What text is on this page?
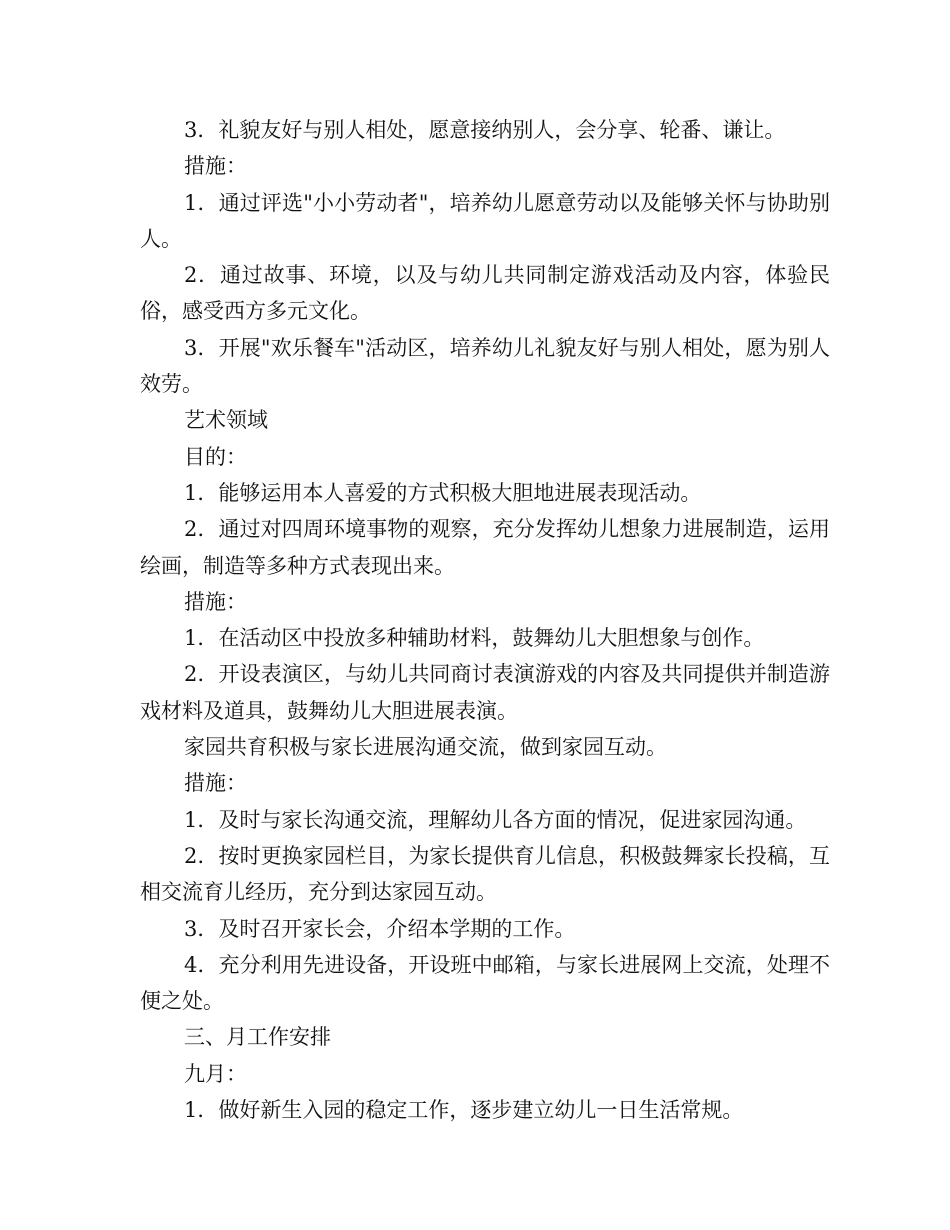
3．礼貌友好与别人相处，愿意接纳别人，会分享、轮番、谦让。

措施：

1．通过评选"小小劳动者"，培养幼儿愿意劳动以及能够关怀与协助别人。

2．通过故事、环境，以及与幼儿共同制定游戏活动及内容，体验民俗，感受西方多元文化。

3．开展"欢乐餐车"活动区，培养幼儿礼貌友好与别人相处，愿为别人效劳。

艺术领域

目的：

1．能够运用本人喜爱的方式积极大胆地进展表现活动。

2．通过对四周环境事物的观察，充分发挥幼儿想象力进展制造，运用绘画，制造等多种方式表现出来。

措施：

1．在活动区中投放多种辅助材料，鼓舞幼儿大胆想象与创作。

2．开设表演区，与幼儿共同商讨表演游戏的内容及共同提供并制造游戏材料及道具，鼓舞幼儿大胆进展表演。

家园共育积极与家长进展沟通交流，做到家园互动。

措施：

1．及时与家长沟通交流，理解幼儿各方面的情况，促进家园沟通。

2．按时更换家园栏目，为家长提供育儿信息，积极鼓舞家长投稿，互相交流育儿经历，充分到达家园互动。

3．及时召开家长会，介绍本学期的工作。

4．充分利用先进设备，开设班中邮箱，与家长进展网上交流，处理不便之处。

三、月工作安排

九月：

1．做好新生入园的稳定工作，逐步建立幼儿一日生活常规。
